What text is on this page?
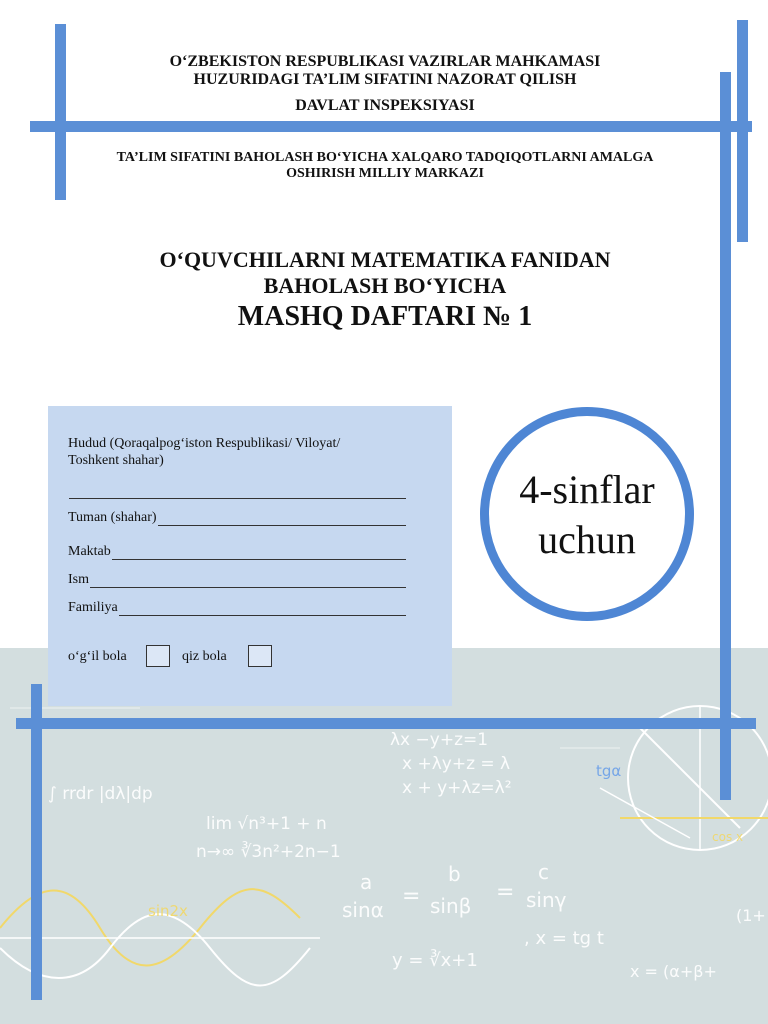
λx −y+z=1
x +λy+z = λ
x + y+λz=λ²
∫ rrdr |dλ|dp
lim √n³+1 + n
n→∞ ∛3n²+2n−1
a
sinα
=
b
sinβ
=
c
sinγ
sin2x
y = ∛x+1
, x = tg t
cos x
tgα
(1+
x = (α+β+
O‘ZBEKISTON RESPUBLIKASI VAZIRLAR MAHKAMASI
HUZURIDAGI TA’LIM SIFATINI NAZORAT QILISH
DAVLAT INSPEKSIYASI
TA’LIM SIFATINI BAHOLASH BO‘YICHA XALQARO TADQIQOTLARNI AMALGA
OSHIRISH MILLIY MARKAZI
O‘QUVCHILARNI MATEMATIKA FANIDAN
BAHOLASH BO‘YICHA
MASHQ DAFTARI № 1
Hudud (Qoraqalpog‘iston Respublikasi/ Viloyat/
Toshkent shahar)
Tuman (shahar)
Maktab
Ism
Familiya
o‘g‘il bola	qiz bola
4-sinflar
uchun
